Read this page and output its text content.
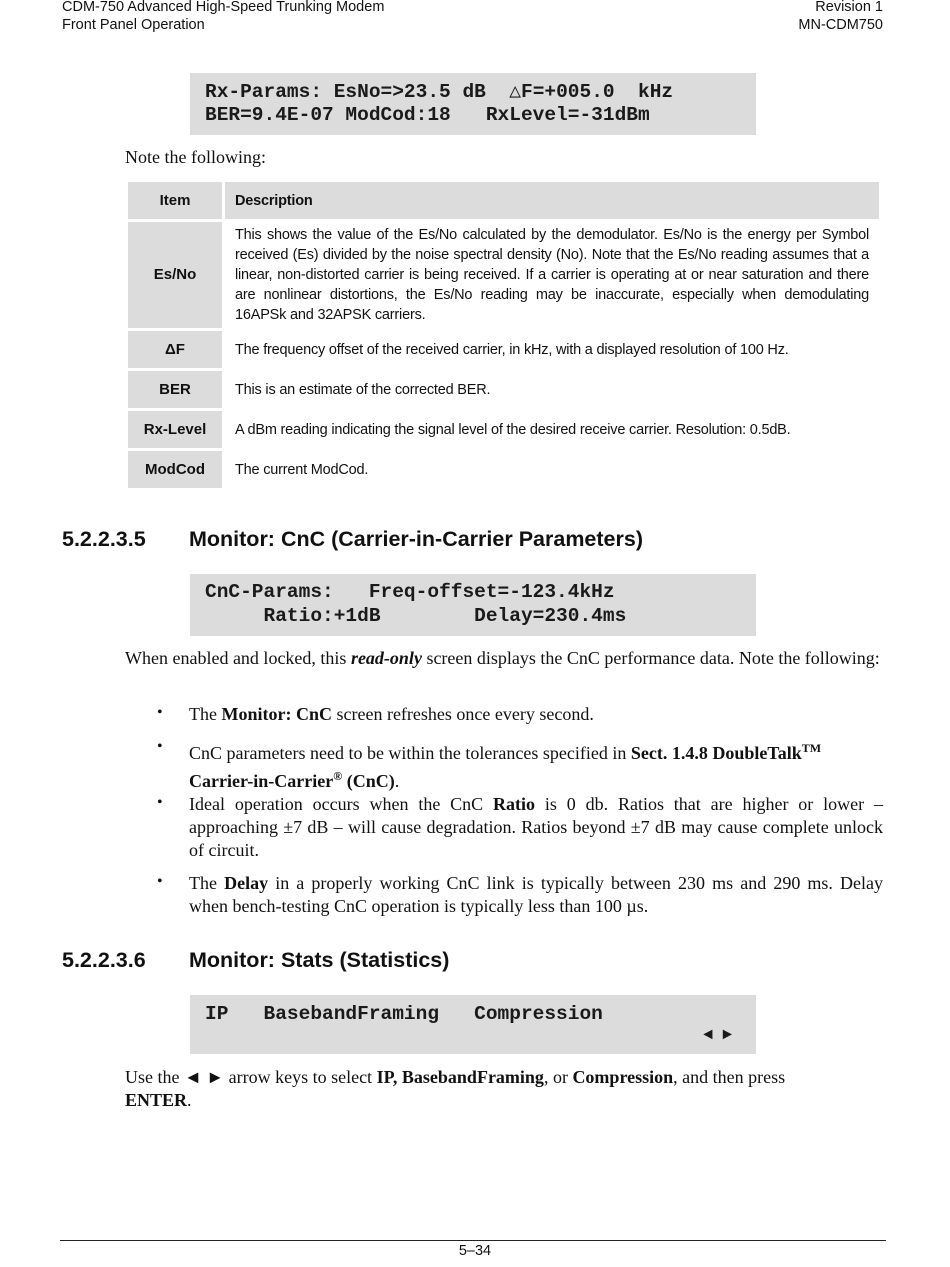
CDM-750 Advanced High-Speed Trunking Modem
Front Panel Operation
Revision 1
MN-CDM750
Rx-Params: EsNo=>23.5 dB  △F=+005.0  kHz
BER=9.4E-07 ModCod:18   RxLevel=-31dBm
Note the following:
Item	Description
Es/No	This shows the value of the Es/No calculated by the demodulator. Es/No is the energy per Symbol received (Es) divided by the noise spectral density (No). Note that the Es/No reading assumes that a linear, non-distorted carrier is being received. If a carrier is operating at or near saturation and there are nonlinear distortions, the Es/No reading may be inaccurate, especially when demodulating 16APSk and 32APSK carriers.
ΔF	The frequency offset of the received carrier, in kHz, with a displayed resolution of 100 Hz.
BER	This is an estimate of the corrected BER.
Rx-Level	A dBm reading indicating the signal level of the desired receive carrier. Resolution: 0.5dB.
ModCod	The current ModCod.
5.2.2.3.5 Monitor: CnC (Carrier-in-Carrier Parameters)
CnC-Params:   Freq-offset=-123.4kHz
Ratio:+1dB        Delay=230.4ms
When enabled and locked, this read-only screen displays the CnC performance data. Note the following:
• The Monitor: CnC screen refreshes once every second.
• CnC parameters need to be within the tolerances specified in Sect. 1.4.8 DoubleTalk™
Carrier-in-Carrier® (CnC).
• Ideal operation occurs when the CnC Ratio is 0 db. Ratios that are higher or lower – approaching ±7 dB – will cause degradation. Ratios beyond ±7 dB may cause complete unlock of circuit.
• The Delay in a properly working CnC link is typically between 230 ms and 290 ms. Delay when bench-testing CnC operation is typically less than 100 µs.
5.2.2.3.6 Monitor: Stats (Statistics)
IP   BasebandFraming   Compression
◄ ►
Use the ◄ ► arrow keys to select IP, BasebandFraming, or Compression, and then press
ENTER.
5–34
